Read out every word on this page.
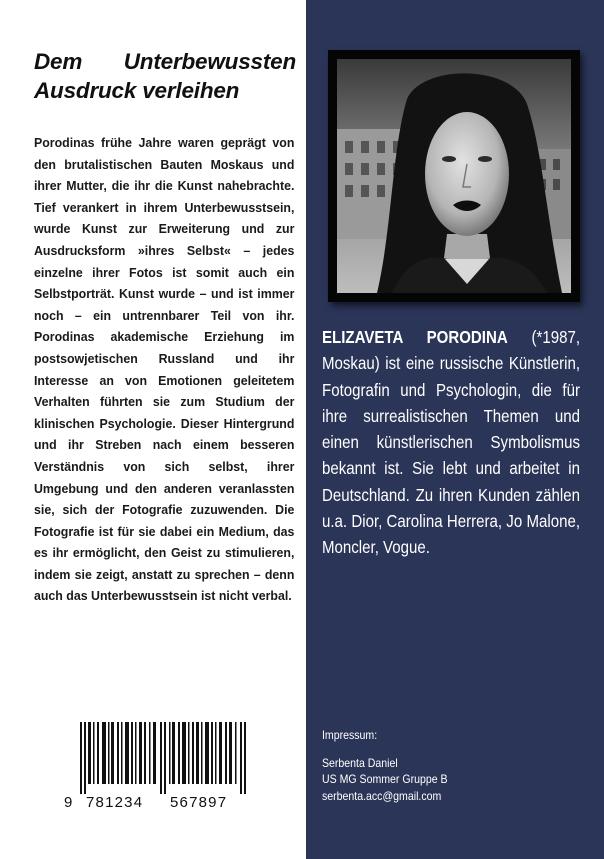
Dem Unterbewussten
Ausdruck verleihen

Porodinas frühe Jahre waren geprägt von den brutalistischen Bauten Moskaus und ihrer Mutter, die ihr die Kunst nahebrachte. Tief verankert in ihrem Unterbewusstsein, wurde Kunst zur Erweiterung und zur Ausdrucksform »ihres Selbst« – jedes einzelne ihrer Fotos ist somit auch ein Selbstporträt. Kunst wurde – und ist immer noch – ein untrennbarer Teil von ihr. Porodinas akademische Erziehung im postsowjetischen Russland und ihr Interesse an von Emotionen geleitetem Verhalten führten sie zum Studium der klinischen Psychologie. Dieser Hintergrund und ihr Streben nach einem besseren Verständnis von sich selbst, ihrer Umgebung und den anderen veranlassten sie, sich der Fotografie zuzuwenden. Die Fotografie ist für sie dabei ein Medium, das es ihr ermöglicht, den Geist zu stimulieren, indem sie zeigt, anstatt zu sprechen – denn auch das Unterbewusstsein ist nicht verbal.

9 781234 567897

ELIZAVETA PORODINA (*1987, Moskau) ist eine russische Künstlerin, Fotografin und Psychologin, die für ihre surrealistischen Themen und einen künstlerischen Symbolismus bekannt ist. Sie lebt und arbeitet in Deutschland. Zu ihren Kunden zählen u.a. Dior, Carolina Herrera, Jo Malone, Moncler, Vogue.

Impressum:
Serbenta Daniel
US MG Sommer Gruppe B
serbenta.acc@gmail.com
